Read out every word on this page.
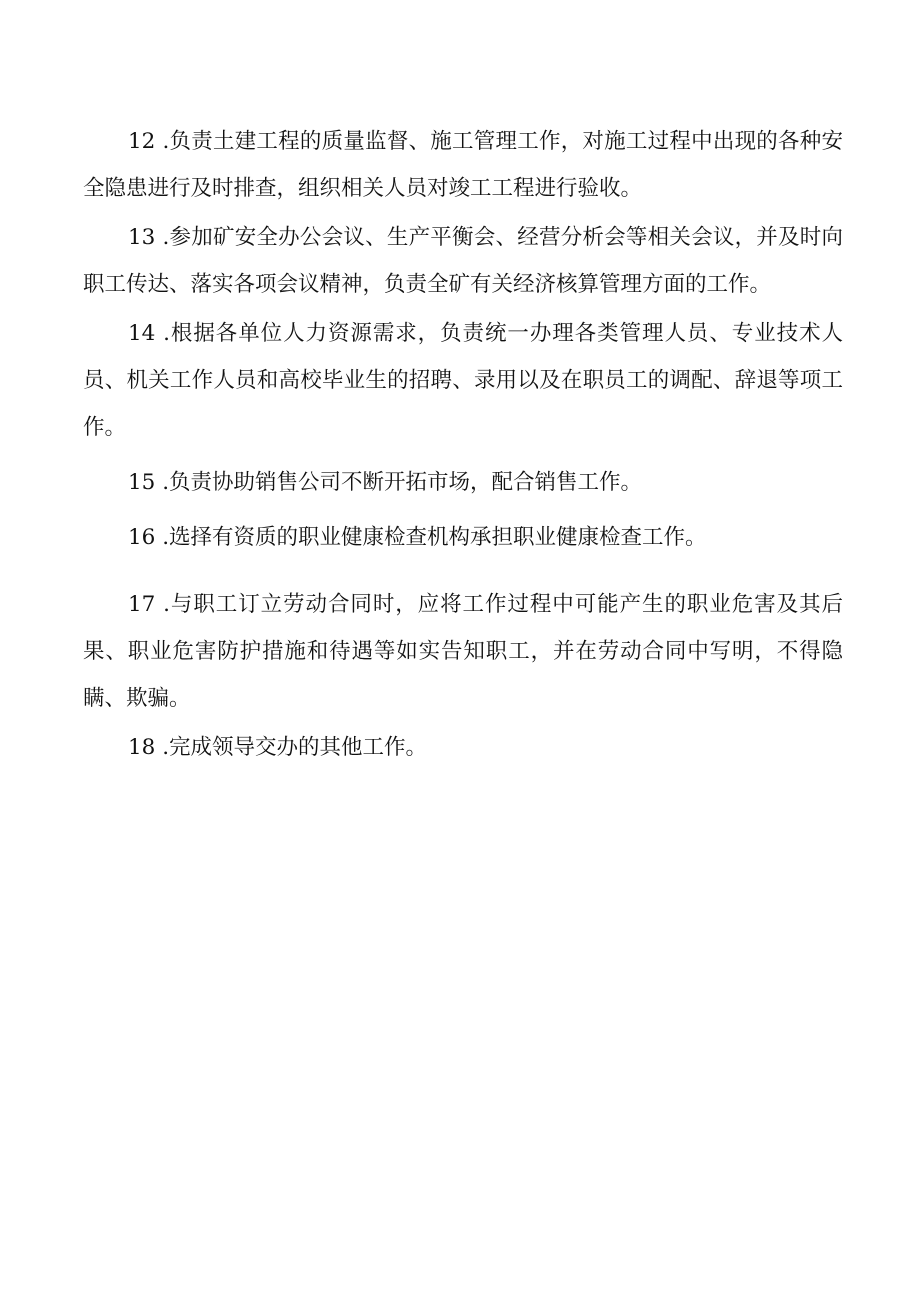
12 .负责土建工程的质量监督、施工管理工作，对施工过程中出现的各种安全隐患进行及时排查，组织相关人员对竣工工程进行验收。

13 .参加矿安全办公会议、生产平衡会、经营分析会等相关会议，并及时向职工传达、落实各项会议精神，负责全矿有关经济核算管理方面的工作。

14 .根据各单位人力资源需求，负责统一办理各类管理人员、专业技术人员、机关工作人员和高校毕业生的招聘、录用以及在职员工的调配、辞退等项工作。

15 .负责协助销售公司不断开拓市场，配合销售工作。

16 .选择有资质的职业健康检查机构承担职业健康检查工作。

17 .与职工订立劳动合同时，应将工作过程中可能产生的职业危害及其后果、职业危害防护措施和待遇等如实告知职工，并在劳动合同中写明，不得隐瞒、欺骗。

18 .完成领导交办的其他工作。
